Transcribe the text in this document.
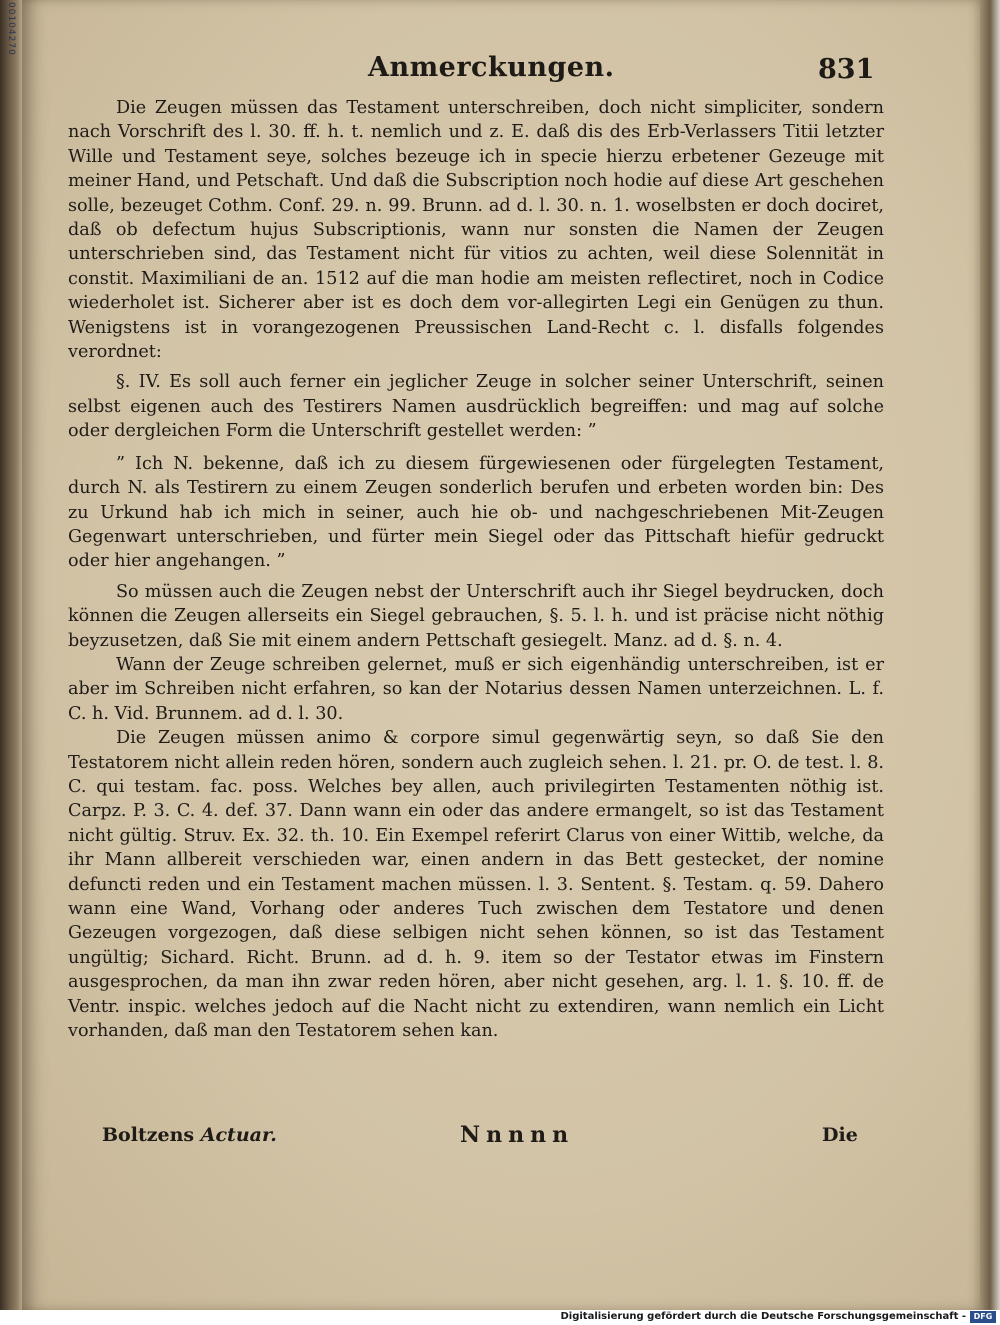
00104270
Anmerckungen.	831

Die Zeugen müssen das Testament unterschreiben, doch nicht simpliciter, sondern nach Vorschrift des l. 30. ff. h. t. nemlich und z. E. daß dis des Erb-Verlassers Titii letzter Wille und Testament seye, solches bezeuge ich in specie hierzu erbetener Gezeuge mit meiner Hand, und Petschaft. Und daß die Subscription noch hodie auf diese Art geschehen solle, bezeuget Cothm. Conf. 29. n. 99. Brunn. ad d. l. 30. n. 1. woselbsten er doch dociret, daß ob defectum hujus Subscriptionis, wann nur sonsten die Namen der Zeugen unterschrieben sind, das Testament nicht für vitios zu achten, weil diese Solennität in constit. Maximiliani de an. 1512 auf die man hodie am meisten reflectiret, noch in Codice wiederholet ist. Sicherer aber ist es doch dem vor-allegirten Legi ein Genügen zu thun. Wenigstens ist in vorangezogenen Preussischen Land-Recht c. l. disfalls folgendes verordnet:

§. IV. Es soll auch ferner ein jeglicher Zeuge in solcher seiner Unterschrift, seinen selbst eigenen auch des Testirers Namen ausdrücklich begreiffen: und mag auf solche oder dergleichen Form die Unterschrift gestellet werden: ”

” Ich N. bekenne, daß ich zu diesem fürgewiesenen oder fürgelegten Testament, durch N. als Testirern zu einem Zeugen sonderlich berufen und erbeten worden bin: Des zu Urkund hab ich mich in seiner, auch hie ob- und nachgeschriebenen Mit-Zeugen Gegenwart unterschrieben, und fürter mein Siegel oder das Pittschaft hiefür gedruckt oder hier angehangen. ”

So müssen auch die Zeugen nebst der Unterschrift auch ihr Siegel beydrucken, doch können die Zeugen allerseits ein Siegel gebrauchen, §. 5. l. h. und ist präcise nicht nöthig beyzusetzen, daß Sie mit einem andern Pettschaft gesiegelt. Manz. ad d. §. n. 4.

Wann der Zeuge schreiben gelernet, muß er sich eigenhändig unterschreiben, ist er aber im Schreiben nicht erfahren, so kan der Notarius dessen Namen unterzeichnen. L. f. C. h. Vid. Brunnem. ad d. l. 30.

Die Zeugen müssen animo & corpore simul gegenwärtig seyn, so daß Sie den Testatorem nicht allein reden hören, sondern auch zugleich sehen. l. 21. pr. O. de test. l. 8. C. qui testam. fac. poss. Welches bey allen, auch privilegirten Testamenten nöthig ist. Carpz. P. 3. C. 4. def. 37. Dann wann ein oder das andere ermangelt, so ist das Testament nicht gültig. Struv. Ex. 32. th. 10. Ein Exempel referirt Clarus von einer Wittib, welche, da ihr Mann allbereit verschieden war, einen andern in das Bett gestecket, der nomine defuncti reden und ein Testament machen müssen. l. 3. Sentent. §. Testam. q. 59. Dahero wann eine Wand, Vorhang oder anderes Tuch zwischen dem Testatore und denen Gezeugen vorgezogen, daß diese selbigen nicht sehen können, so ist das Testament ungültig; Sichard. Richt. Brunn. ad d. h. 9. item so der Testator etwas im Finstern ausgesprochen, da man ihn zwar reden hören, aber nicht gesehen, arg. l. 1. §. 10. ff. de Ventr. inspic. welches jedoch auf die Nacht nicht zu extendiren, wann nemlich ein Licht vorhanden, daß man den Testatorem sehen kan.

Boltzens Actuar.	Nnnnn	Die
Digitalisierung gefördert durch die Deutsche Forschungsgemeinschaft - DFG
